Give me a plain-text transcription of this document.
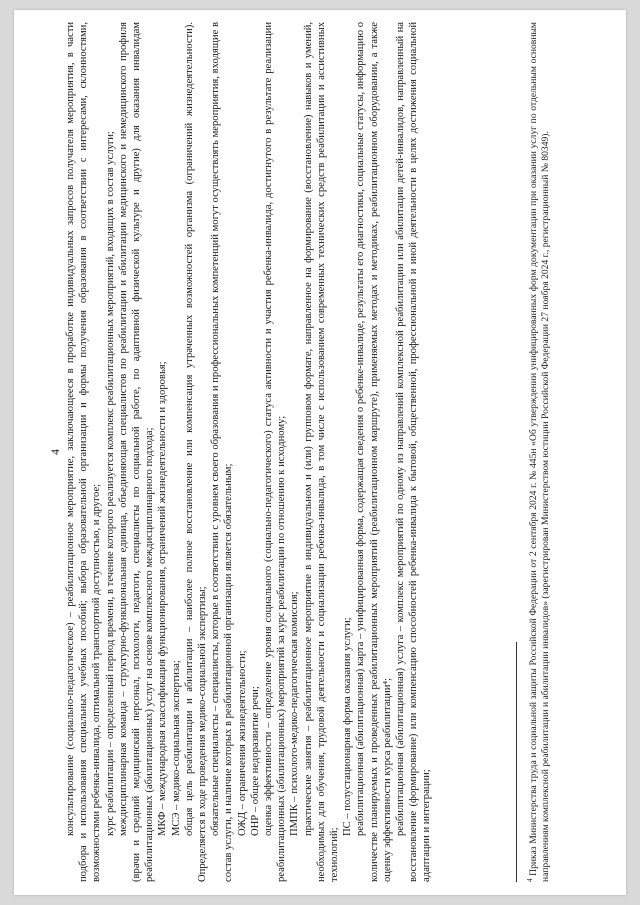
4 консультирование (социально-педагогическое) – реабилитационное мероприятие, заключающееся в проработке индивидуальных запросов получателя мероприятия, в части подбора и использования специальных учебных пособий; выбора образовательной организации и формы получения образования в соответствии с интересами, склонностями, возможностями ребенка-инвалида, оптимальной транспортной доступностью, и другое; курс реабилитации – определенный период времени, в течение которого реализуется комплекс реабилитационных мероприятий, входящих в состав услуги; междисциплинарная команда – структурно-функциональная единица, объединяющая специалистов по реабилитации и абилитации медицинского и немедицинского профиля (врачи и средний медицинский персонал, психологи, педагоги, специалисты по социальной работе, по адаптивной физической культуре и другие) для оказания инвалидам реабилитационных (абилитационных) услуг на основе комплексного междисциплинарного подхода; МКФ – международная классификация функционирования, ограничений жизнедеятельности и здоровья; МСЭ – медико-социальная экспертиза; общая цель реабилитации и абилитации – наиболее полное восстановление или компенсация утраченных возможностей организма (ограничений жизнедеятельности). Определяется в ходе проведения медико-социальной экспертизы; обязательные специалисты – специалисты, которые в соответствии с уровнем своего образования и профессиональных компетенций могут осуществлять мероприятия, входящие в состав услуги, и наличие которых в реабилитационной организации является обязательным; ОЖД – ограничения жизнедеятельности; ОНР – общее недоразвитие речи; оценка эффективности – определение уровня социального (социально-педагогического) статуса активности и участия ребенка-инвалида, достигнутого в результате реализации реабилитационных (абилитационных) мероприятий за курс реабилитации по отношению к исходному; ПМПК – психолого-медико-педагогическая комиссия; практические занятия – реабилитационное мероприятие в индивидуальном и (или) групповом формате, направленное на формирование (восстановление) навыков и умений, необходимых для обучения, трудовой деятельности и социализации ребенка-инвалида, в том числе с использованием современных технических средств реабилитации и ассистивных технологий;

ПС – полустационарная форма оказания услуги; реабилитационная (абилитационная) карта – унифицированная форма, содержащая сведения о ребенке-инвалиде, результаты его диагностики, социальные статусы, информацию о количестве планируемых и проведенных реабилитационных мероприятий (реабилитационном маршруте), применяемых методах и методиках, реабилитационном оборудовании, а также оценку эффективности курса реабилитации⁴; реабилитационная (абилитационная) услуга – комплекс мероприятий по одному из направлений комплексной реабилитации или абилитации детей-инвалидов, направленный на восстановление (формирование) или компенсацию способностей ребенка-инвалида к бытовой, общественной, профессиональной и иной деятельности в целях достижения социальной адаптации и интеграции;	$^4$ Приказ Министерства труда и социальной защиты Российской Федерации от 2 сентября 2024 г. № 445н «Об утверждении унифицированных форм документации при оказании услуг по отдельным основным направлениям комплексной реабилитации и абилитации инвалидов» (зарегистрирован Министерством юстиции Российской Федерации 27 ноября 2024 г., регистрационный № 80349).
